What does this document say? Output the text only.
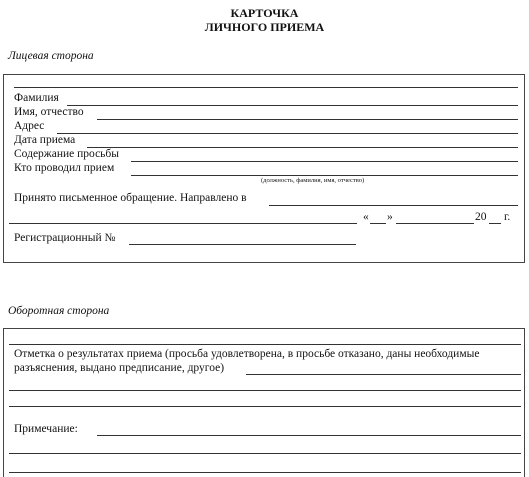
КАРТОЧКА
ЛИЧНОГО ПРИЕМА
Лицевая сторона
Фамилия
Имя, отчество
Адрес
Дата приема
Содержание просьбы
Кто проводил прием
(должность, фамилия, имя, отчество)
Принято письменное обращение. Направлено в
« »	20 г.
Регистрационный №
Оборотная сторона
Отметка о результатах приема (просьба удовлетворена, в просьбе отказано, даны необходимые
разъяснения, выдано предписание, другое)
Примечание:
